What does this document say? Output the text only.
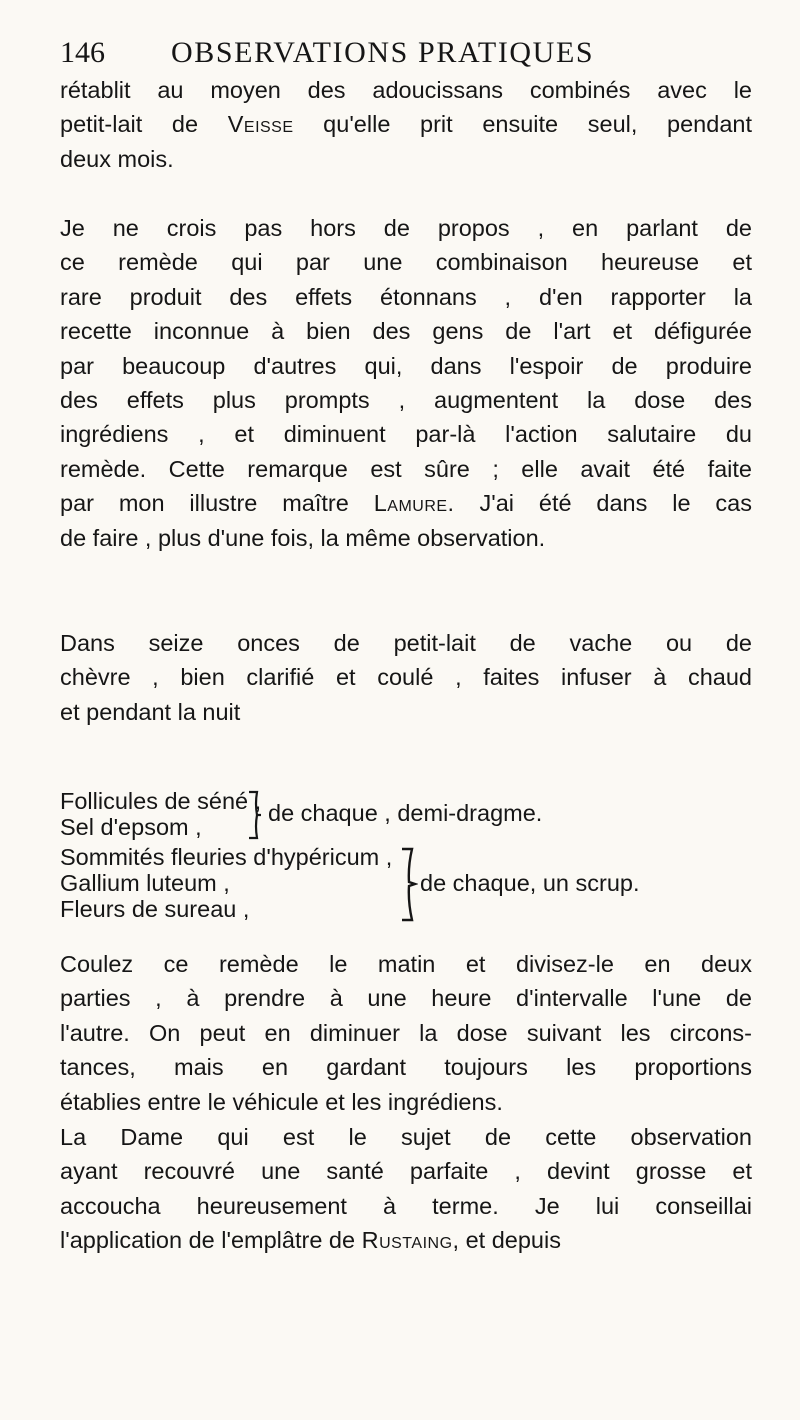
146 OBSERVATIONS PRATIQUES
rétablit au moyen des adoucissans combinés avec le
petit-lait de Veisse qu'elle prit ensuite seul, pendant
deux mois.
Je ne crois pas hors de propos , en parlant de
ce remède qui par une combinaison heureuse et
rare produit des effets étonnans , d'en rapporter la
recette inconnue à bien des gens de l'art et défigurée
par beaucoup d'autres qui, dans l'espoir de produire
des effets plus prompts , augmentent la dose des
ingrédiens , et diminuent par-là l'action salutaire du
remède. Cette remarque est sûre ; elle avait été faite
par mon illustre maître Lamure. J'ai été dans le cas
de faire , plus d'une fois, la même observation.
Dans seize onces de petit-lait de vache ou de
chèvre , bien clarifié et coulé , faites infuser à chaud
et pendant la nuit
Follicules de séné ,
Sel d'epsom ,
de chaque , demi-dragme.
Sommités fleuries d'hypéricum ,
Gallium luteum ,
Fleurs de sureau ,
de chaque, un scrup.
Coulez ce remède le matin et divisez-le en deux
parties , à prendre à une heure d'intervalle l'une de
l'autre. On peut en diminuer la dose suivant les circons-
tances, mais en gardant toujours les proportions
établies entre le véhicule et les ingrédiens.
La Dame qui est le sujet de cette observation
ayant recouvré une santé parfaite , devint grosse et
accoucha heureusement à terme. Je lui conseillai
l'application de l'emplâtre de Rustaing, et depuis
